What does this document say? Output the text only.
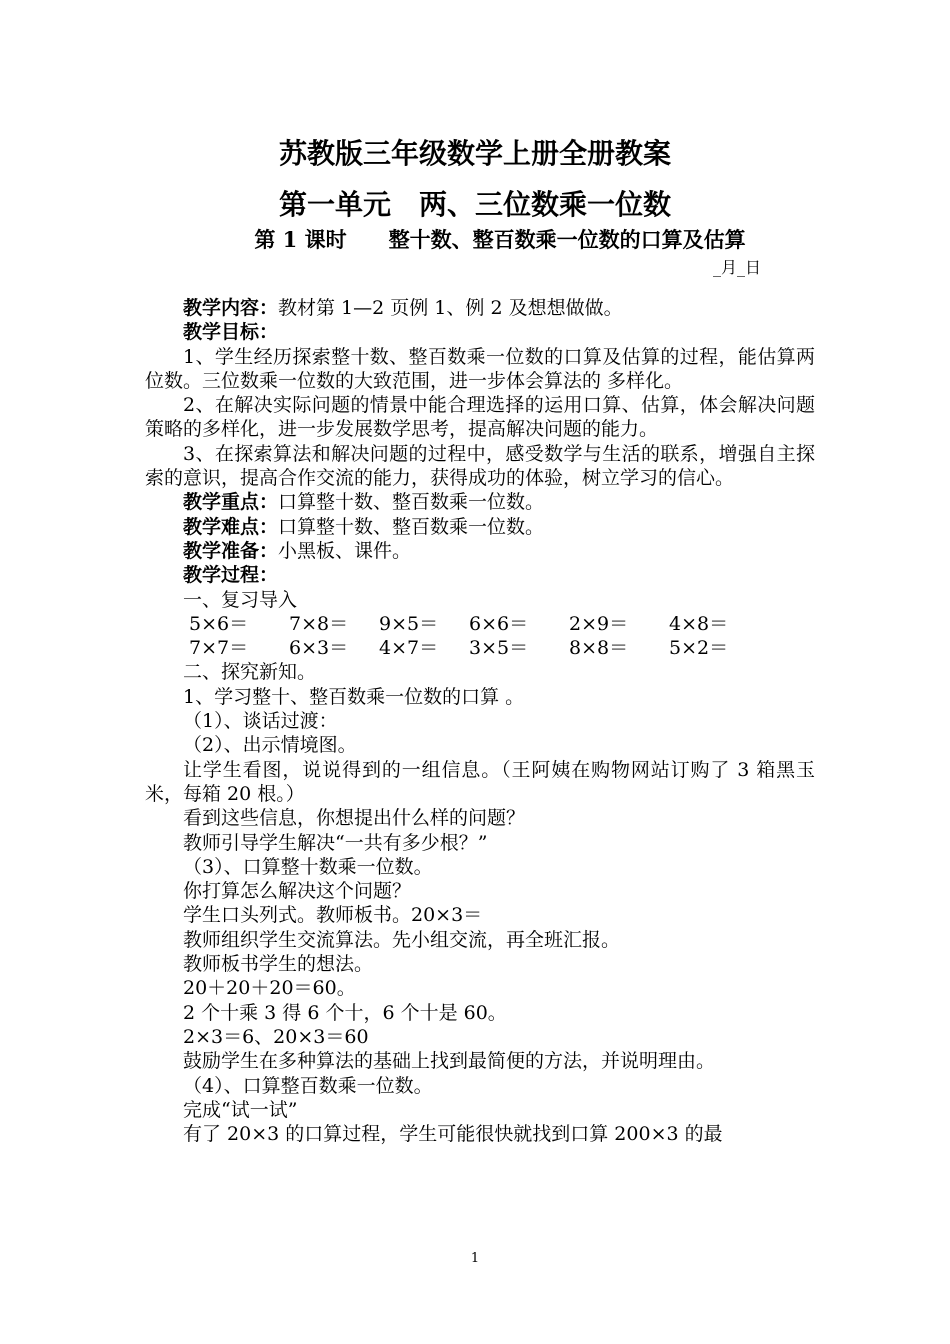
苏教版三年级数学上册全册教案
第一单元　两、三位数乘一位数
第 1 课时　　整十数、整百数乘一位数的口算及估算
_月_日

教学内容：教材第 1—2 页例 1、例 2 及想想做做。

教学目标：

1、学生经历探索整十数、整百数乘一位数的口算及估算的过程，能估算两位数。三位数乘一位数的大致范围，进一步体会算法的 多样化。

2、在解决实际问题的情景中能合理选择的运用口算、估算，体会解决问题策略的多样化，进一步发展数学思考，提高解决问题的能力。

3、在探索算法和解决问题的过程中，感受数学与生活的联系，增强自主探索的意识，提高合作交流的能力，获得成功的体验，树立学习的信心。

教学重点：口算整十数、整百数乘一位数。

教学难点：口算整十数、整百数乘一位数。

教学准备：小黑板、课件。

教学过程：

一、复习导入

5×6＝	7×8＝	9×5＝	6×6＝	2×9＝	4×8＝
7×7＝	6×3＝	4×7＝	3×5＝	8×8＝	5×2＝

二、探究新知。

1、学习整十、整百数乘一位数的口算 。

（1）、谈话过渡：

（2）、出示情境图。

让学生看图，说说得到的一组信息。（王阿姨在购物网站订购了 3 箱黑玉米，每箱 20 根。）

看到这些信息，你想提出什么样的问题？

教师引导学生解决“一共有多少根？”

（3）、口算整十数乘一位数。

你打算怎么解决这个问题？

学生口头列式。教师板书。20×3＝

教师组织学生交流算法。先小组交流，再全班汇报。

教师板书学生的想法。

20＋20＋20＝60。

2 个十乘 3 得 6 个十，6 个十是 60。

2×3＝6、20×3＝60

鼓励学生在多种算法的基础上找到最简便的方法，并说明理由。

（4）、口算整百数乘一位数。

完成“试一试”

有了 20×3 的口算过程，学生可能很快就找到口算 200×3 的最

1
